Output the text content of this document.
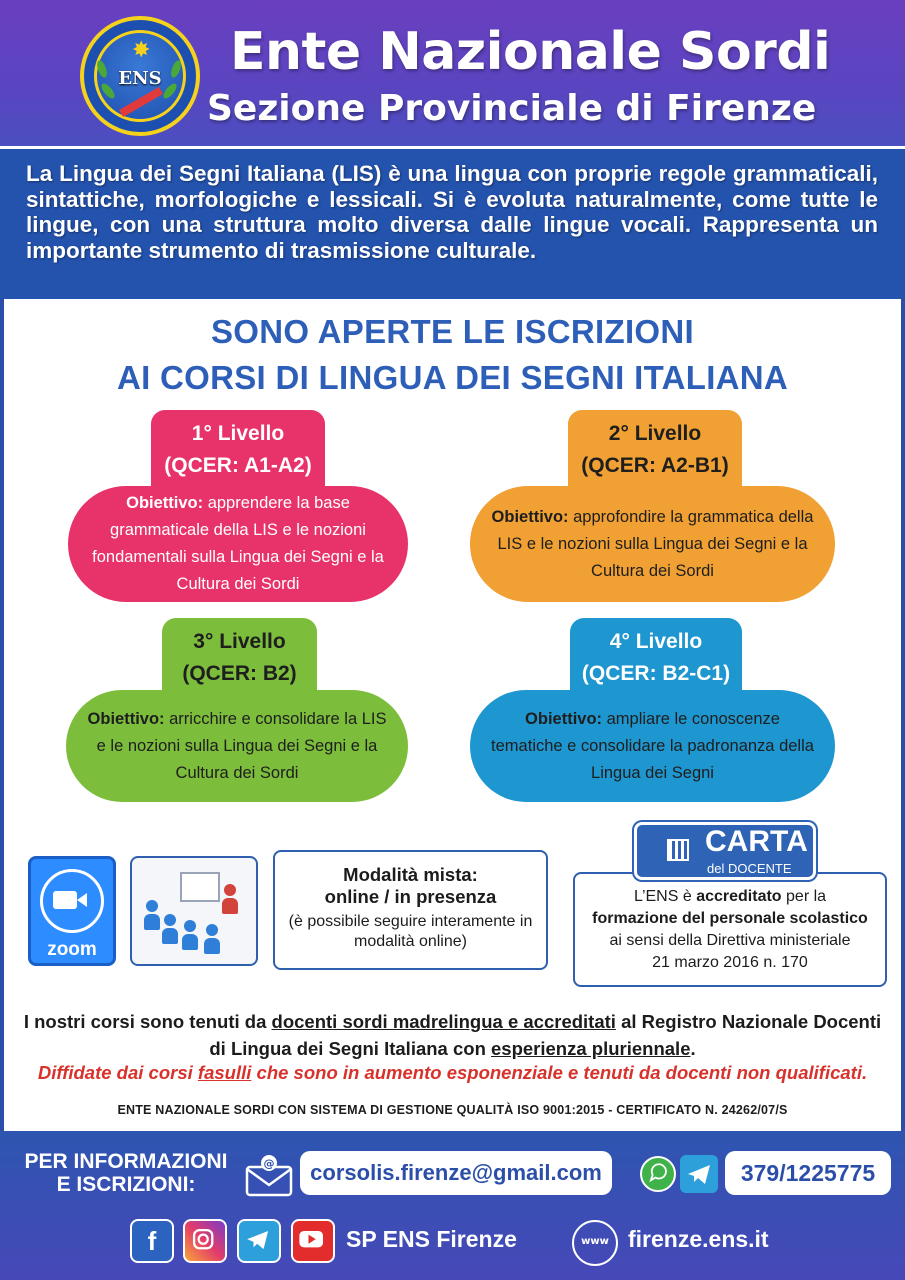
✸
ENS	Ente Nazionale Sordi
Sezione Provinciale di Firenze

La Lingua dei Segni Italiana (LIS) è una lingua con proprie regole grammaticali, sintattiche, morfologiche e lessicali. Si è evoluta naturalmente, come tutte le lingue, con una struttura molto diversa dalle lingue vocali. Rappresenta un importante strumento di trasmissione culturale.

SONO APERTE LE ISCRIZIONI
AI CORSI DI LINGUA DEI SEGNI ITALIANA
1° Livello
(QCER: A1-A2)
Obiettivo: apprendere la base grammaticale della LIS e le nozioni fondamentali sulla Lingua dei Segni e la Cultura dei Sordi
2° Livello
(QCER: A2-B1)
Obiettivo: approfondire la grammatica della LIS e le nozioni sulla Lingua dei Segni e la Cultura dei Sordi
3° Livello
(QCER: B2)
Obiettivo: arricchire e consolidare la LIS e le nozioni sulla Lingua dei Segni e la Cultura dei Sordi
4° Livello
(QCER: B2-C1)
Obiettivo: ampliare le conoscenze tematiche e consolidare la padronanza della Lingua dei Segni
zoom
Modalità mista:
online / in presenza
(è possibile seguire interamente in modalità online)
L’ENS è accreditato per la
formazione del personale scolastico
ai sensi della Direttiva ministeriale
21 marzo 2016 n. 170
CARTA
del DOCENTE
I nostri corsi sono tenuti da docenti sordi madrelingua e accreditati al Registro Nazionale Docenti di Lingua dei Segni Italiana con esperienza pluriennale.
Diffidate dai corsi fasulli che sono in aumento esponenziale e tenuti da docenti non qualificati.
ENTE NAZIONALE SORDI CON SISTEMA DI GESTIONE QUALITÀ ISO 9001:2015 - CERTIFICATO N. 24262/07/S
PER INFORMAZIONI
E ISCRIZIONI:
@	corsolis.firenze@gmail.com	379/1225775
f	SP ENS Firenze	www firenze.ens.it
